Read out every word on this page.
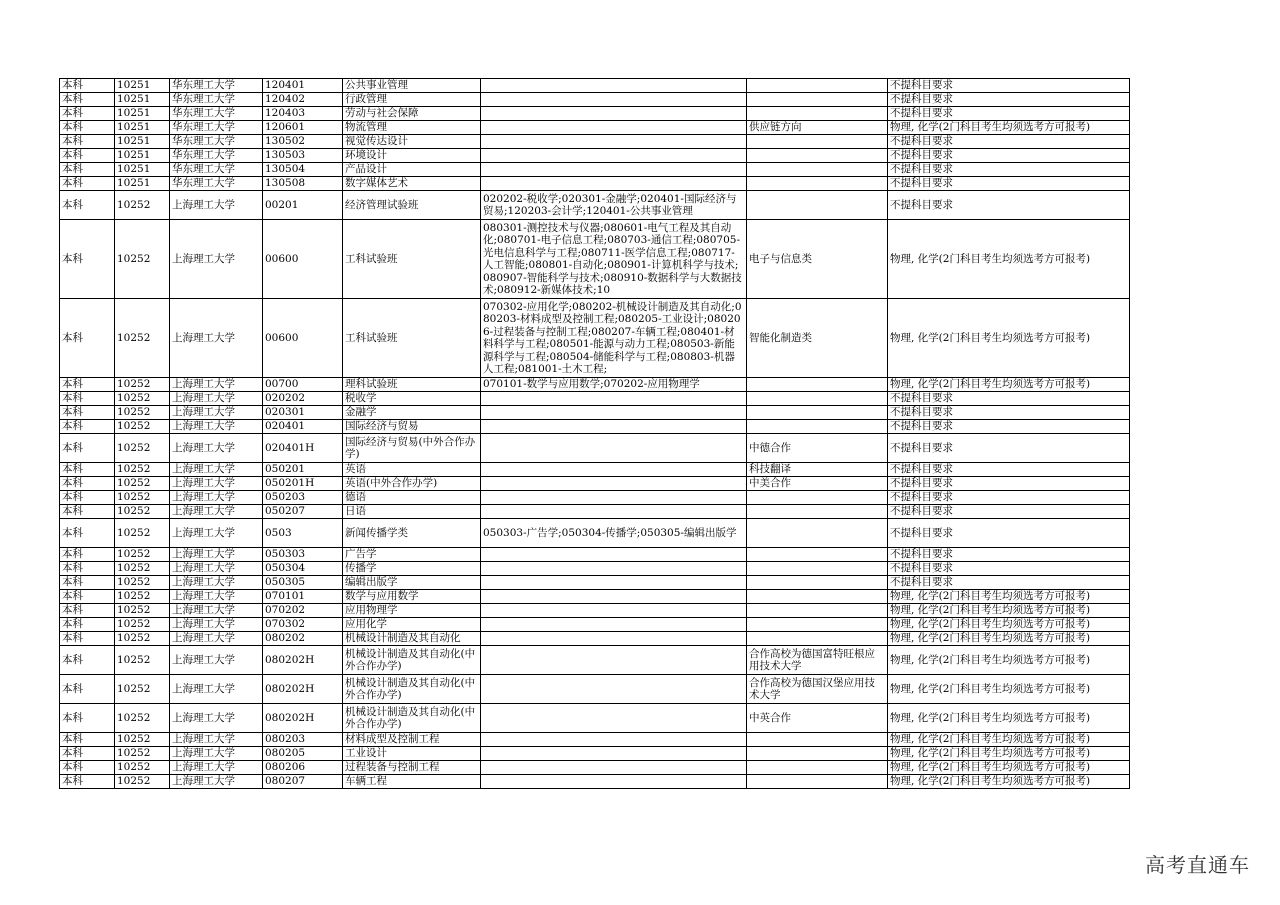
本科	10251	华东理工大学	120401	公共事业管理			不提科目要求
本科	10251	华东理工大学	120402	行政管理			不提科目要求
本科	10251	华东理工大学	120403	劳动与社会保障			不提科目要求
本科	10251	华东理工大学	120601	物流管理		供应链方向	物理, 化学(2门科目考生均须选考方可报考)
本科	10251	华东理工大学	130502	视觉传达设计			不提科目要求
本科	10251	华东理工大学	130503	环境设计			不提科目要求
本科	10251	华东理工大学	130504	产品设计			不提科目要求
本科	10251	华东理工大学	130508	数字媒体艺术			不提科目要求
本科	10252	上海理工大学	00201	经济管理试验班	020202-税收学;020301-金融学;020401-国际经济与贸易;120203-会计学;120401-公共事业管理		不提科目要求
本科	10252	上海理工大学	00600	工科试验班	080301-测控技术与仪器;080601-电气工程及其自动化;080701-电子信息工程;080703-通信工程;080705-光电信息科学与工程;080711-医学信息工程;080717-人工智能;080801-自动化;080901-计算机科学与技术;080907-智能科学与技术;080910-数据科学与大数据技术;080912-新媒体技术;10	电子与信息类	物理, 化学(2门科目考生均须选考方可报考)
本科	10252	上海理工大学	00600	工科试验班	070302-应用化学;080202-机械设计制造及其自动化;080203-材料成型及控制工程;080205-工业设计;080206-过程装备与控制工程;080207-车辆工程;080401-材料科学与工程;080501-能源与动力工程;080503-新能源科学与工程;080504-储能科学与工程;080803-机器人工程;081001-土木工程;	智能化制造类	物理, 化学(2门科目考生均须选考方可报考)
本科	10252	上海理工大学	00700	理科试验班	070101-数学与应用数学;070202-应用物理学		物理, 化学(2门科目考生均须选考方可报考)
本科	10252	上海理工大学	020202	税收学			不提科目要求
本科	10252	上海理工大学	020301	金融学			不提科目要求
本科	10252	上海理工大学	020401	国际经济与贸易			不提科目要求
本科	10252	上海理工大学	020401H	国际经济与贸易(中外合作办学)		中德合作	不提科目要求
本科	10252	上海理工大学	050201	英语		科技翻译	不提科目要求
本科	10252	上海理工大学	050201H	英语(中外合作办学)		中美合作	不提科目要求
本科	10252	上海理工大学	050203	德语			不提科目要求
本科	10252	上海理工大学	050207	日语			不提科目要求
本科	10252	上海理工大学	0503	新闻传播学类	050303-广告学;050304-传播学;050305-编辑出版学		不提科目要求
本科	10252	上海理工大学	050303	广告学			不提科目要求
本科	10252	上海理工大学	050304	传播学			不提科目要求
本科	10252	上海理工大学	050305	编辑出版学			不提科目要求
本科	10252	上海理工大学	070101	数学与应用数学			物理, 化学(2门科目考生均须选考方可报考)
本科	10252	上海理工大学	070202	应用物理学			物理, 化学(2门科目考生均须选考方可报考)
本科	10252	上海理工大学	070302	应用化学			物理, 化学(2门科目考生均须选考方可报考)
本科	10252	上海理工大学	080202	机械设计制造及其自动化			物理, 化学(2门科目考生均须选考方可报考)
本科	10252	上海理工大学	080202H	机械设计制造及其自动化(中外合作办学)		合作高校为德国富特旺根应用技术大学	物理, 化学(2门科目考生均须选考方可报考)
本科	10252	上海理工大学	080202H	机械设计制造及其自动化(中外合作办学)		合作高校为德国汉堡应用技术大学	物理, 化学(2门科目考生均须选考方可报考)
本科	10252	上海理工大学	080202H	机械设计制造及其自动化(中外合作办学)		中英合作	物理, 化学(2门科目考生均须选考方可报考)
本科	10252	上海理工大学	080203	材料成型及控制工程			物理, 化学(2门科目考生均须选考方可报考)
本科	10252	上海理工大学	080205	工业设计			物理, 化学(2门科目考生均须选考方可报考)
本科	10252	上海理工大学	080206	过程装备与控制工程			物理, 化学(2门科目考生均须选考方可报考)
本科	10252	上海理工大学	080207	车辆工程			物理, 化学(2门科目考生均须选考方可报考)
高考直通车
